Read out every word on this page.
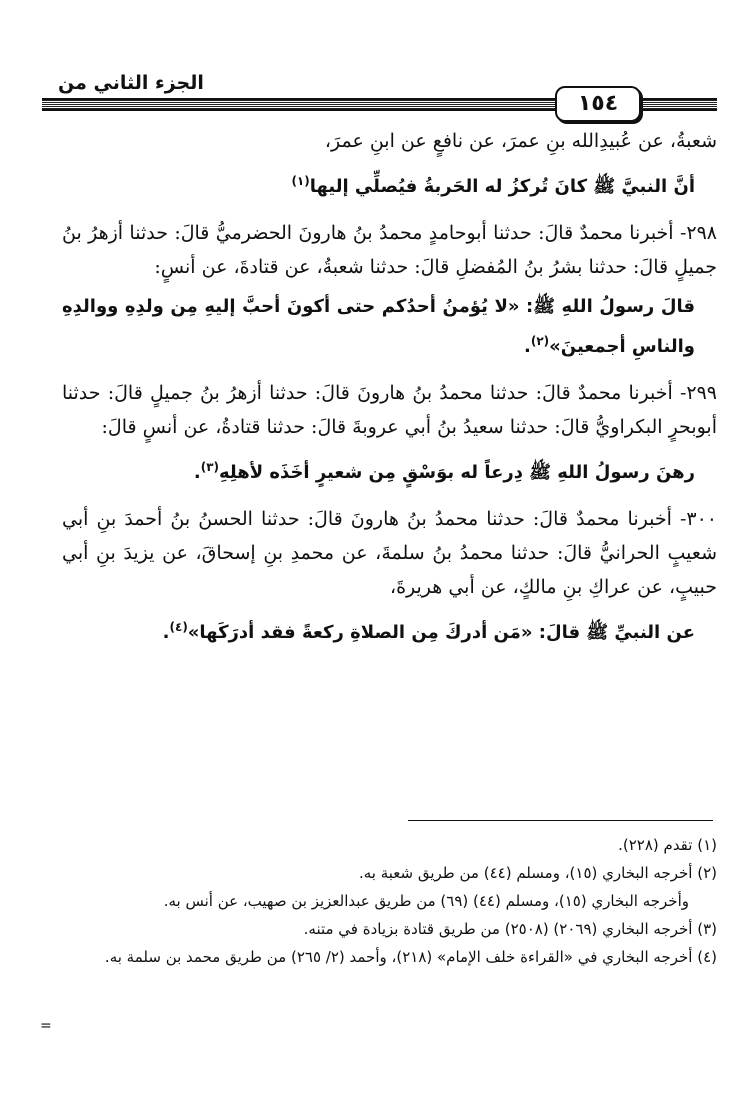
الجزء الثاني من
١٥٤

شعبةُ، عن عُبيدِالله بنِ عمرَ، عن نافعٍ عن ابنِ عمرَ،

أنَّ النبيَّ ﷺ كانَ تُركزُ له الحَربةُ فيُصلِّي إليها$^{(١)}$

٢٩٨- أخبرنا محمدٌ قالَ: حدثنا أبوحامدٍ محمدُ بنُ هارونَ الحضرميُّ قالَ: حدثنا أزهرُ بنُ جميلٍ قالَ: حدثنا بشرُ بنُ المُفضلِ قالَ: حدثنا شعبةُ، عن قتادةَ، عن أنسٍ:

قالَ رسولُ اللهِ ﷺ: «لا يُؤمنُ أحدُكم حتى أكونَ أحبَّ إليهِ مِن ولدِهِ ووالدِهِ والناسِ أجمعينَ»$^{(٢)}$.

٢٩٩- أخبرنا محمدٌ قالَ: حدثنا محمدُ بنُ هارونَ قالَ: حدثنا أزهرُ بنُ جميلٍ قالَ: حدثنا أبوبحرٍ البكراويُّ قالَ: حدثنا سعيدُ بنُ أبي عروبةَ قالَ: حدثنا قتادةُ، عن أنسٍ قالَ:

رهنَ رسولُ اللهِ ﷺ دِرعاً له بوَسْقٍ مِن شعيرٍ أخَذَه لأهلِهِ$^{(٣)}$.

٣٠٠- أخبرنا محمدٌ قالَ: حدثنا محمدُ بنُ هارونَ قالَ: حدثنا الحسنُ بنُ أحمدَ بنِ أبي شعيبٍ الحرانيُّ قالَ: حدثنا محمدُ بنُ سلمةَ، عن محمدِ بنِ إسحاقَ، عن يزيدَ بنِ أبي حبيبٍ، عن عراكِ بنِ مالكٍ، عن أبي هريرةَ،

عن النبيِّ ﷺ قالَ: «مَن أدركَ مِن الصلاةِ ركعةً فقد أدرَكَها»$^{(٤)}$.

(١) تقدم (٢٢٨).

(٢) أخرجه البخاري (١٥)، ومسلم (٤٤) من طريق شعبة به.

وأخرجه البخاري (١٥)، ومسلم (٤٤) (٦٩) من طريق عبدالعزيز بن صهيب، عن أنس به.

(٣) أخرجه البخاري (٢٠٦٩) (٢٥٠٨) من طريق قتادة بزيادة في متنه.

(٤) أخرجه البخاري في «القراءة خلف الإمام» (٢١٨)، وأحمد (٢/ ٢٦٥) من طريق محمد بن سلمة به.

=
